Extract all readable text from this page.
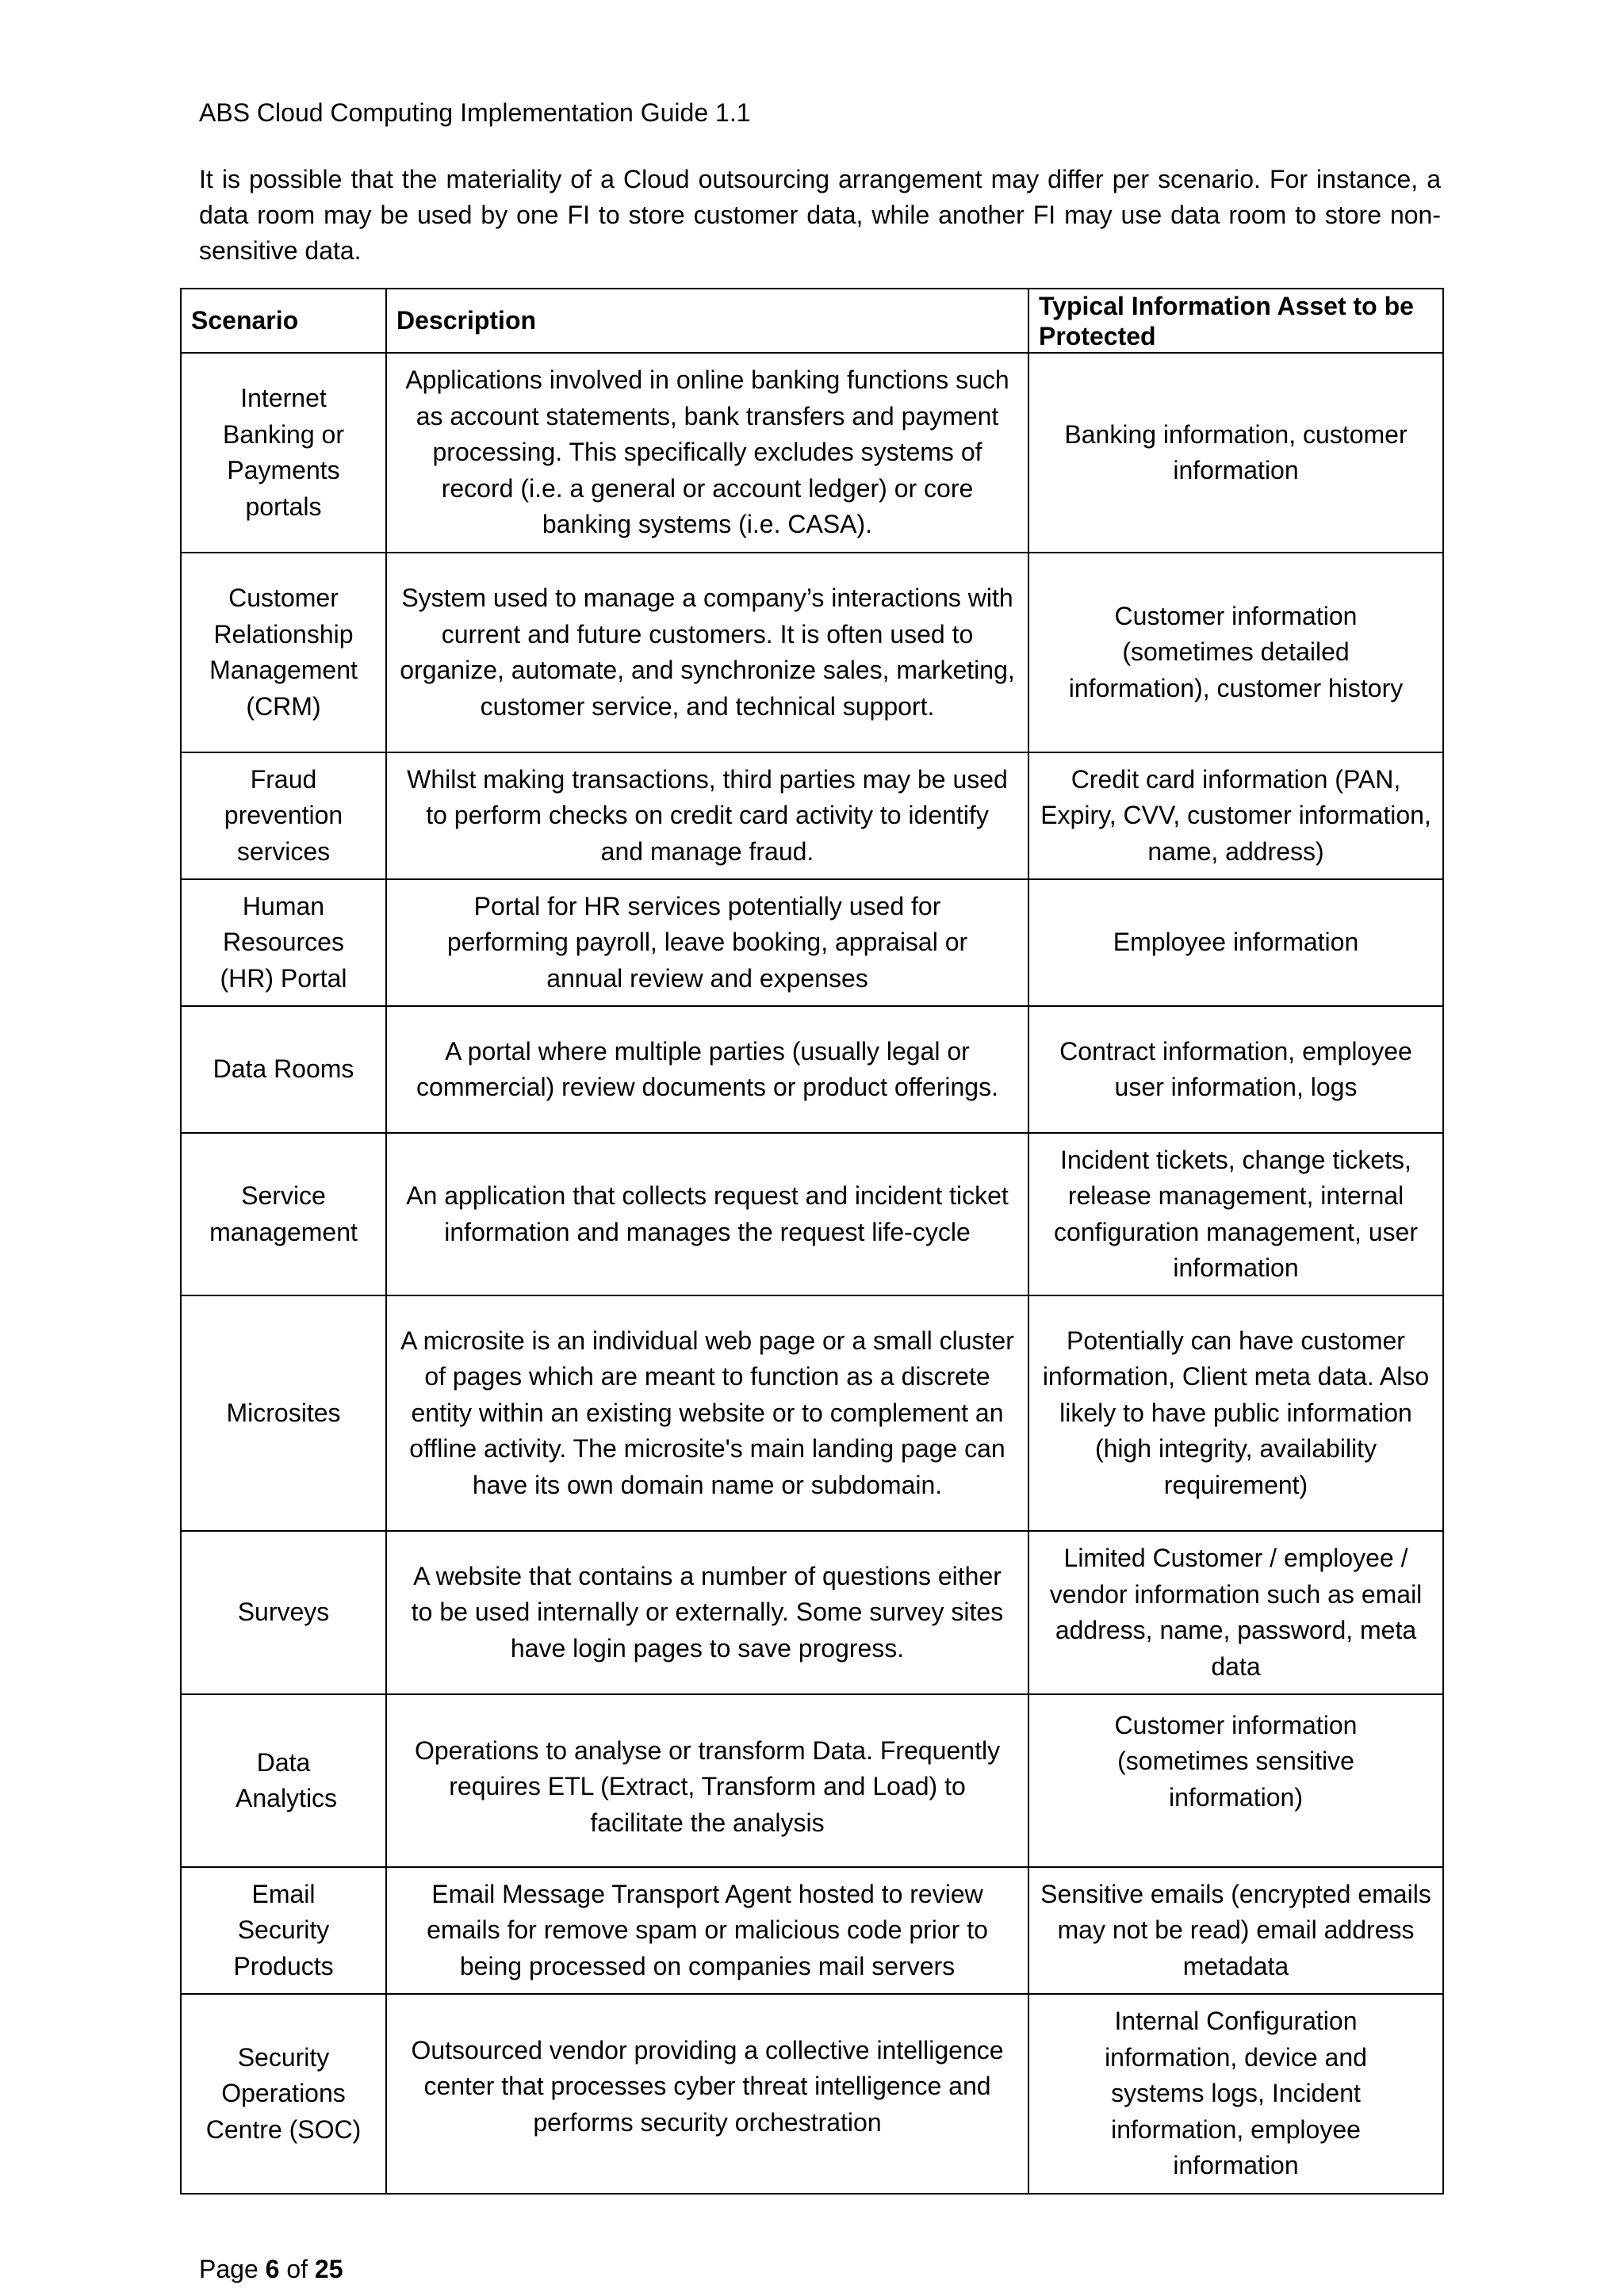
ABS Cloud Computing Implementation Guide 1.1

It is possible that the materiality of a Cloud outsourcing arrangement may differ per scenario. For instance, a data room may be used by one FI to store customer data, while another FI may use data room to store non-sensitive data.

Scenario	Description	Typical Information Asset to be Protected
Internet Banking or Payments portals	Applications involved in online banking functions such as account statements, bank transfers and payment processing. This specifically excludes systems of record (i.e. a general or account ledger) or core banking systems (i.e. CASA).	Banking information, customer information
Customer Relationship Management (CRM)	System used to manage a company’s interactions with current and future customers. It is often used to organize, automate, and synchronize sales, marketing, customer service, and technical support.	Customer information (sometimes detailed information), customer history
Fraud prevention services	Whilst making transactions, third parties may be used to perform checks on credit card activity to identify and manage fraud.	Credit card information (PAN, Expiry, CVV, customer information, name, address)
Human Resources (HR) Portal	Portal for HR services potentially used for performing payroll, leave booking, appraisal or annual review and expenses	Employee information
Data Rooms	A portal where multiple parties (usually legal or commercial) review documents or product offerings.	Contract information, employee user information, logs
Service management	An application that collects request and incident ticket information and manages the request life-cycle	Incident tickets, change tickets, release management, internal configuration management, user information
Microsites	A microsite is an individual web page or a small cluster of pages which are meant to function as a discrete entity within an existing website or to complement an offline activity. The microsite's main landing page can have its own domain name or subdomain.	Potentially can have customer information, Client meta data. Also likely to have public information (high integrity, availability requirement)
Surveys	A website that contains a number of questions either to be used internally or externally. Some survey sites have login pages to save progress.	Limited Customer / employee / vendor information such as email address, name, password, meta data
Data Analytics	Operations to analyse or transform Data. Frequently requires ETL (Extract, Transform and Load) to facilitate the analysis	Customer information (sometimes sensitive information)
Email Security Products	Email Message Transport Agent hosted to review emails for remove spam or malicious code prior to being processed on companies mail servers	Sensitive emails (encrypted emails may not be read) email address metadata
Security Operations Centre (SOC)	Outsourced vendor providing a collective intelligence center that processes cyber threat intelligence and performs security orchestration	Internal Configuration information, device and systems logs, Incident information, employee information
Page 6 of 25
